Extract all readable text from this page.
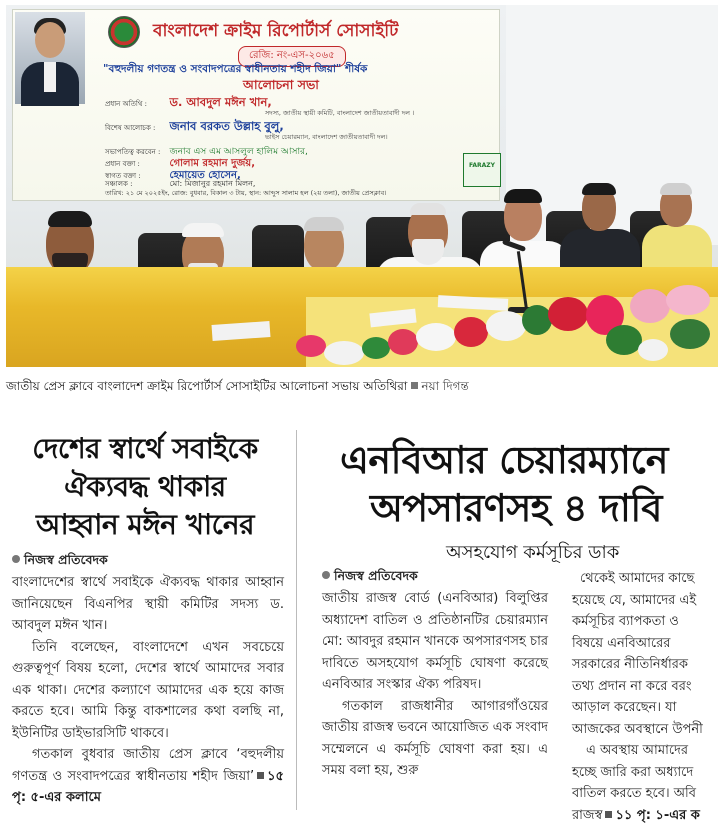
বাংলাদেশ ক্রাইম রিপোর্টার্স সোসাইটি
রেজি: নং-এস-২০৬৫
"বহুদলীয় গণতন্ত্র ও সংবাদপত্রের স্বাধীনতায় শহীদ জিয়া" শীর্ষক
আলোচনা সভা
প্রধান অতিথি : ড. আবদুল মঈন খান,
সদস্য, জাতীয় স্থায়ী কমিটি, বাংলাদেশ জাতীয়তাবাদী দল ।
বিশেষ আলোচক : জনাব বরকত উল্লাহ বুলু,
ভাইস চেয়ারম্যান, বাংলাদেশ জাতীয়তাবাদী দল।
সভাপতিত্ব করবেন : জনাব এস এম আসলুল হালিম আসার,
প্রধান বক্তা :	গোলাম রহমান দুর্জয়,
স্বাগত বক্তা :	হেমায়েত হোসেন,
সঞ্চালক :	মো: মিজানুর রহমান মিলন,
তারিখ: ২১ মে ২০২৫ইং, রোজ: বুধবার, বিকাল ৩ টায়, স্থান: আব্দুস সালাম হল (২য় তলা), জাতীয় প্রেসক্লাব।
FARAZY
জাতীয় প্রেস ক্লাবে বাংলাদেশ ক্রাইম রিপোর্টার্স সোসাইটির আলোচনা সভায় অতিথিরা নয়া দিগন্ত
দেশের স্বার্থে সবাইকে
ঐক্যবদ্ধ থাকার
আহ্বান মঈন খানের
নিজস্ব প্রতিবেদক

বাংলাদেশের স্বার্থে সবাইকে ঐক্যবদ্ধ থাকার আহ্বান জানিয়েছেন বিএনপির স্থায়ী কমিটির সদস্য ড. আবদুল মঈন খান।

তিনি বলেছেন, বাংলাদেশে এখন সবচেয়ে গুরুত্বপূর্ণ বিষয় হলো, দেশের স্বার্থে আমাদের সবার এক থাকা। দেশের কল্যাণে আমাদের এক হয়ে কাজ করতে হবে। আমি কিন্তু বাকশালের কথা বলছি না, ইউনিটির ডাইভারসিটি থাকবে।

গতকাল বুধবার জাতীয় প্রেস ক্লাবে ‘বহুদলীয় গণতন্ত্র ও সংবাদপত্রের স্বাধীনতায় শহীদ জিয়া’ ১৫ পৃ: ৫-এর কলামে

এনবিআর চেয়ারম্যানে
অপসারণসহ ৪ দাবি
অসহযোগ কর্মসূচির ডাক
নিজস্ব প্রতিবেদক

জাতীয় রাজস্ব বোর্ড (এনবিআর) বিলুপ্তির অধ্যাদেশ বাতিল ও প্রতিষ্ঠানটির চেয়ারম্যান মো: আবদুর রহমান খানকে অপসারণসহ চার দাবিতে অসহযোগ কর্মসূচি ঘোষণা করেছে এনবিআর সংস্কার ঐক্য পরিষদ।

গতকাল রাজধানীর আগারগাঁওয়ের জাতীয় রাজস্ব ভবনে আয়োজিত এক সংবাদ সম্মেলনে এ কর্মসূচি ঘোষণা করা হয়। এ সময় বলা হয়, শুরু

থেকেই আমাদের কাছে
হয়েছে যে, আমাদের এই
কর্মসূচির ব্যাপকতা ও
বিষয়ে এনবিআরের
সরকারের নীতিনির্ধারক
তথ্য প্রদান না করে বরং
আড়াল করেছেন। যা
আজকের অবস্থানে উপনী
এ অবস্থায় আমাদের
হচ্ছে জারি করা অধ্যাদে
বাতিল করতে হবে। অবি
রাজস্ব ১১ পৃ: ১-এর ক
